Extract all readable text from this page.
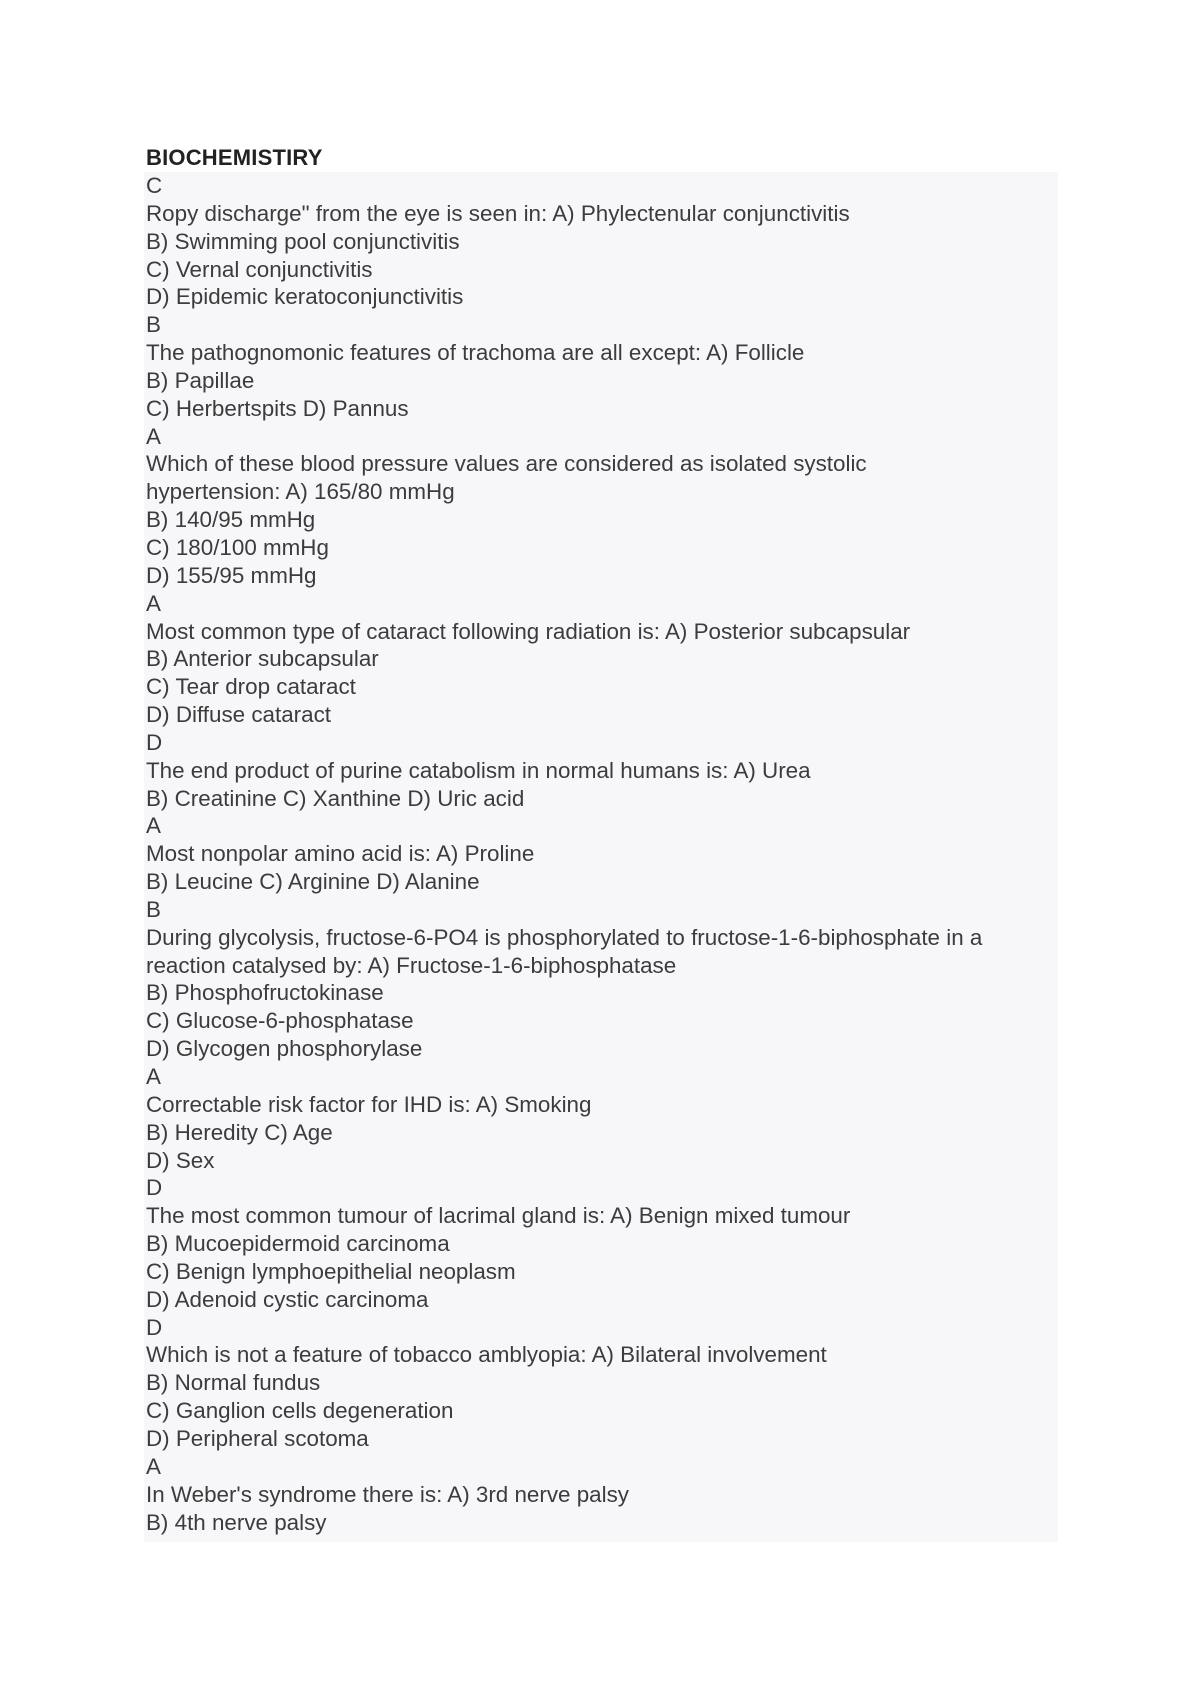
BIOCHEMISTIRY
C
Ropy discharge" from the eye is seen in: A) Phylectenular conjunctivitis
B) Swimming pool conjunctivitis
C) Vernal conjunctivitis
D) Epidemic keratoconjunctivitis
B
The pathognomonic features of trachoma are all except: A) Follicle
B) Papillae
C) Herbertspits D) Pannus
A
Which of these blood pressure values are considered as isolated systolic
hypertension: A) 165/80 mmHg
B) 140/95 mmHg
C) 180/100 mmHg
D) 155/95 mmHg
A
Most common type of cataract following radiation is: A) Posterior subcapsular
B) Anterior subcapsular
C) Tear drop cataract
D) Diffuse cataract
D
The end product of purine catabolism in normal humans is: A) Urea
B) Creatinine C) Xanthine D) Uric acid
A
Most nonpolar amino acid is: A) Proline
B) Leucine C) Arginine D) Alanine
B
During glycolysis, fructose-6-PO4 is phosphorylated to fructose-1-6-biphosphate in a
reaction catalysed by: A) Fructose-1-6-biphosphatase
B) Phosphofructokinase
C) Glucose-6-phosphatase
D) Glycogen phosphorylase
A
Correctable risk factor for IHD is: A) Smoking
B) Heredity C) Age
D) Sex
D
The most common tumour of lacrimal gland is: A) Benign mixed tumour
B) Mucoepidermoid carcinoma
C) Benign lymphoepithelial neoplasm
D) Adenoid cystic carcinoma
D
Which is not a feature of tobacco amblyopia: A) Bilateral involvement
B) Normal fundus
C) Ganglion cells degeneration
D) Peripheral scotoma
A
In Weber's syndrome there is: A) 3rd nerve palsy
B) 4th nerve palsy
